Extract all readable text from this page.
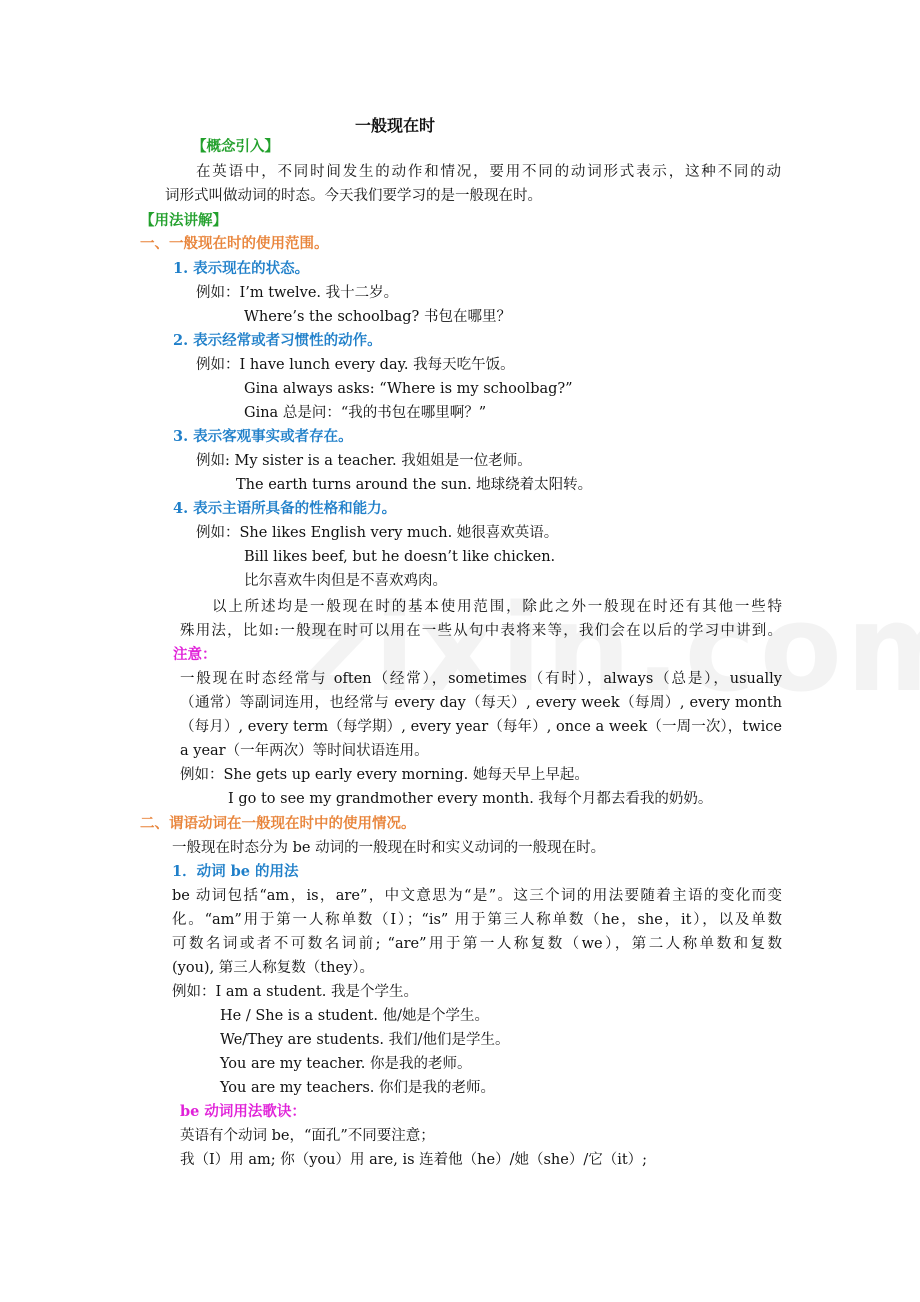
一般现在时
【概念引入】
在英语中，不同时间发生的动作和情况，要用不同的动词形式表示，这种不同的动
词形式叫做动词的时态。今天我们要学习的是一般现在时。
【用法讲解】
一、一般现在时的使用范围。
1. 表示现在的状态。
例如：I’m twelve. 我十二岁。
Where’s the schoolbag? 书包在哪里？
2. 表示经常或者习惯性的动作。
例如：I have lunch every day. 我每天吃午饭。
Gina always asks: “Where is my schoolbag?”
Gina 总是问：“我的书包在哪里啊？”
3. 表示客观事实或者存在。
例如: My sister is a teacher. 我姐姐是一位老师。
The earth turns around the sun. 地球绕着太阳转。
4. 表示主语所具备的性格和能力。
例如：She likes English very much. 她很喜欢英语。
Bill likes beef, but he doesn’t like chicken.
比尔喜欢牛肉但是不喜欢鸡肉。
以上所述均是一般现在时的基本使用范围，除此之外一般现在时还有其他一些特
殊用法，比如:一般现在时可以用在一些从句中表将来等，我们会在以后的学习中讲到。
注意：
一般现在时态经常与 often（经常），sometimes（有时），always（总是），usually
（通常）等副词连用，也经常与 every day（每天）, every week（每周）, every month
（每月）, every term（每学期）, every year（每年）, once a week（一周一次），twice
a year（一年两次）等时间状语连用。
例如：She gets up early every morning. 她每天早上早起。
I go to see my grandmother every month. 我每个月都去看我的奶奶。
二、谓语动词在一般现在时中的使用情况。
一般现在时态分为 be 动词的一般现在时和实义动词的一般现在时。
1．动词 be 的用法
be 动词包括“am，is，are”，中文意思为“是”。这三个词的用法要随着主语的变化而变
化。“am”用于第一人称单数（I）；“is” 用于第三人称单数（he，she，it），以及单数
可数名词或者不可数名词前; “are”用于第一人称复数（we），第二人称单数和复数
(you), 第三人称复数（they）。
例如：I am a student. 我是个学生。
He / She is a student. 他/她是个学生。
We/They are students. 我们/他们是学生。
You are my teacher. 你是我的老师。
You are my teachers. 你们是我的老师。
be 动词用法歌诀：
英语有个动词 be，“面孔”不同要注意；
我（I）用 am; 你（you）用 are, is 连着他（he）/她（she）/它（it）;
